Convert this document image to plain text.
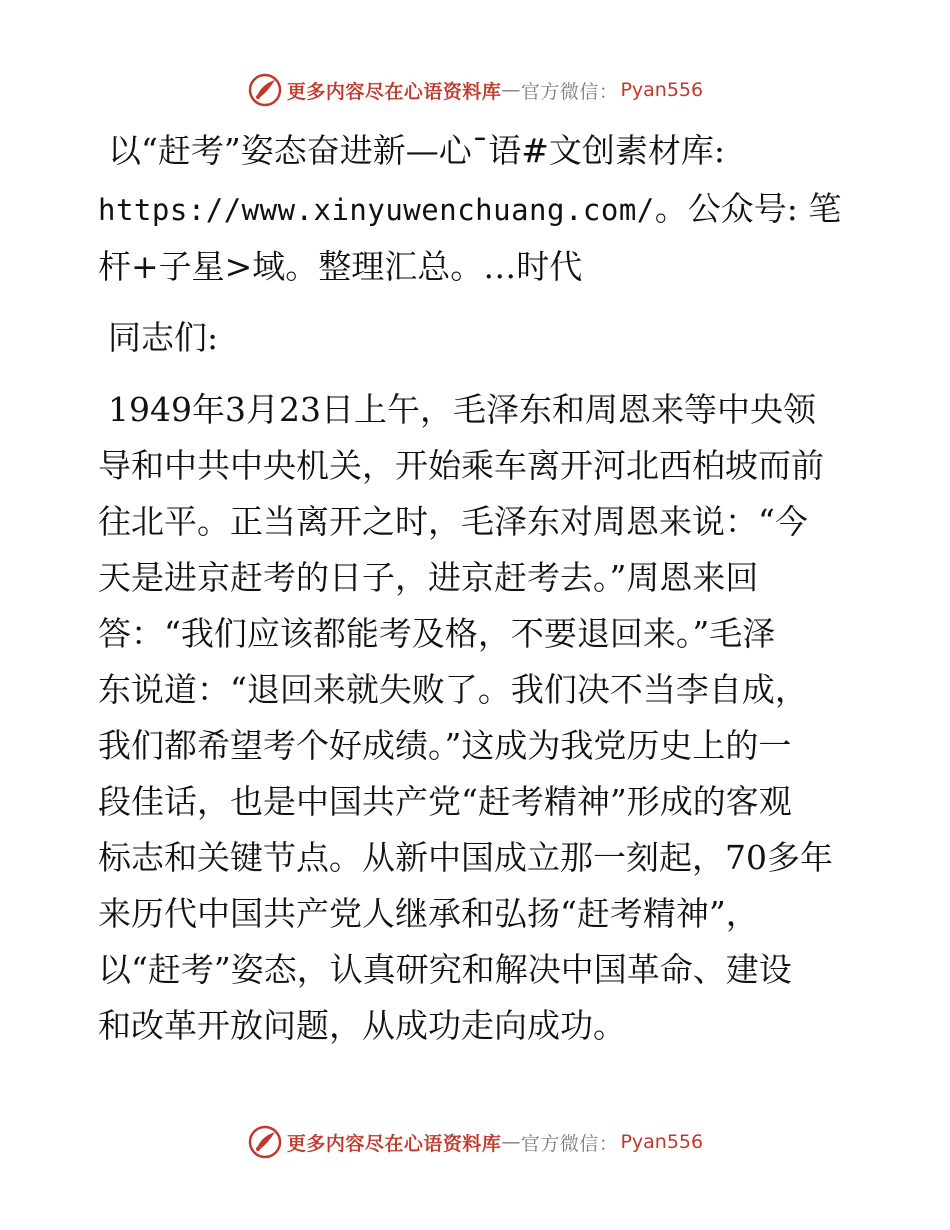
更多内容尽在心语资料库 — 官方微信： Pyan556
以“赶考”姿态奋进新—心¯语#文创素材库:
https://www.xinyuwenchuang.com/。公众号: 笔
杆+子星>域。整理汇总。…时代
同志们:
1949年3月23日上午，毛泽东和周恩来等中央领
导和中共中央机关，开始乘车离开河北西柏坡而前
往北平。正当离开之时，毛泽东对周恩来说：“今
天是进京赶考的日子，进京赶考去。”周恩来回
答：“我们应该都能考及格，不要退回来。”毛泽
东说道：“退回来就失败了。我们决不当李自成，
我们都希望考个好成绩。”这成为我党历史上的一
段佳话，也是中国共产党“赶考精神”形成的客观
标志和关键节点。从新中国成立那一刻起，70多年
来历代中国共产党人继承和弘扬“赶考精神”，
以“赶考”姿态，认真研究和解决中国革命、建设
和改革开放问题，从成功走向成功。
更多内容尽在心语资料库 — 官方微信： Pyan556
